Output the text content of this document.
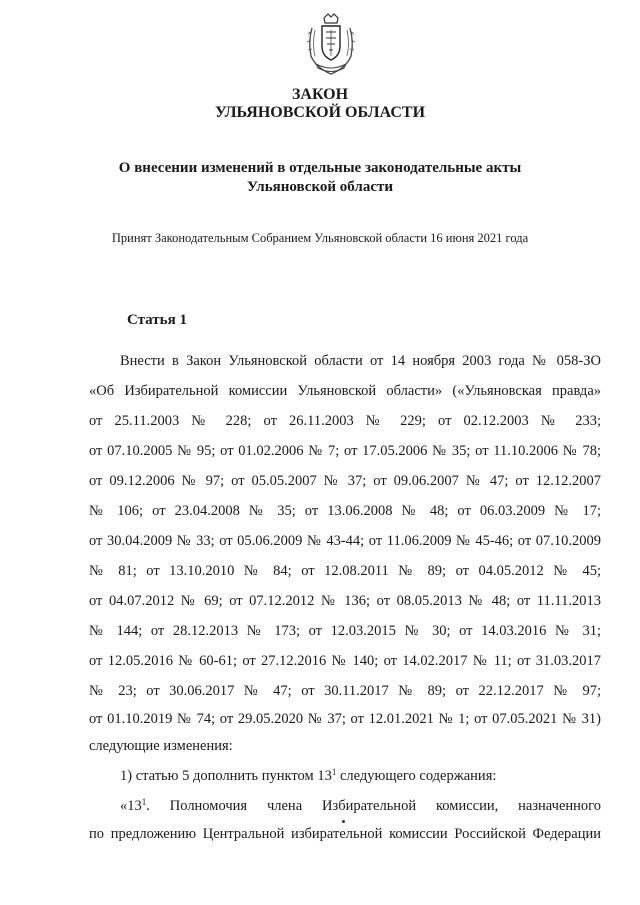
ЗАКОН
УЛЬЯНОВСКОЙ ОБЛАСТИ
О внесении изменений в отдельные законодательные акты
Ульяновской области
Принят Законодательным Собранием Ульяновской области 16 июня 2021 года
Статья 1
Внести в Закон Ульяновской области от 14 ноября 2003 года № 058-ЗО
«Об Избирательной комиссии Ульяновской области» («Ульяновская правда»
от 25.11.2003 № 228; от 26.11.2003 № 229; от 02.12.2003 № 233;
от 07.10.2005 № 95; от 01.02.2006 № 7; от 17.05.2006 № 35; от 11.10.2006 № 78;
от 09.12.2006 № 97; от 05.05.2007 № 37; от 09.06.2007 № 47; от 12.12.2007
№ 106; от 23.04.2008 № 35; от 13.06.2008 № 48; от 06.03.2009 № 17;
от 30.04.2009 № 33; от 05.06.2009 № 43-44; от 11.06.2009 № 45-46; от 07.10.2009
№ 81; от 13.10.2010 № 84; от 12.08.2011 № 89; от 04.05.2012 № 45;
от 04.07.2012 № 69; от 07.12.2012 № 136; от 08.05.2013 № 48; от 11.11.2013
№ 144; от 28.12.2013 № 173; от 12.03.2015 № 30; от 14.03.2016 № 31;
от 12.05.2016 № 60-61; от 27.12.2016 № 140; от 14.02.2017 № 11; от 31.03.2017
№ 23; от 30.06.2017 № 47; от 30.11.2017 № 89; от 22.12.2017 № 97;
от 01.10.2019 № 74; от 29.05.2020 № 37; от 12.01.2021 № 1; от 07.05.2021 № 31)
следующие изменения:
1) статью 5 дополнить пунктом $13^1$ следующего содержания:
«$13^1$. Полномочия члена Избирательной комиссии, назначенного
по предложению Центральной избирательной комиссии Российской Федерации
